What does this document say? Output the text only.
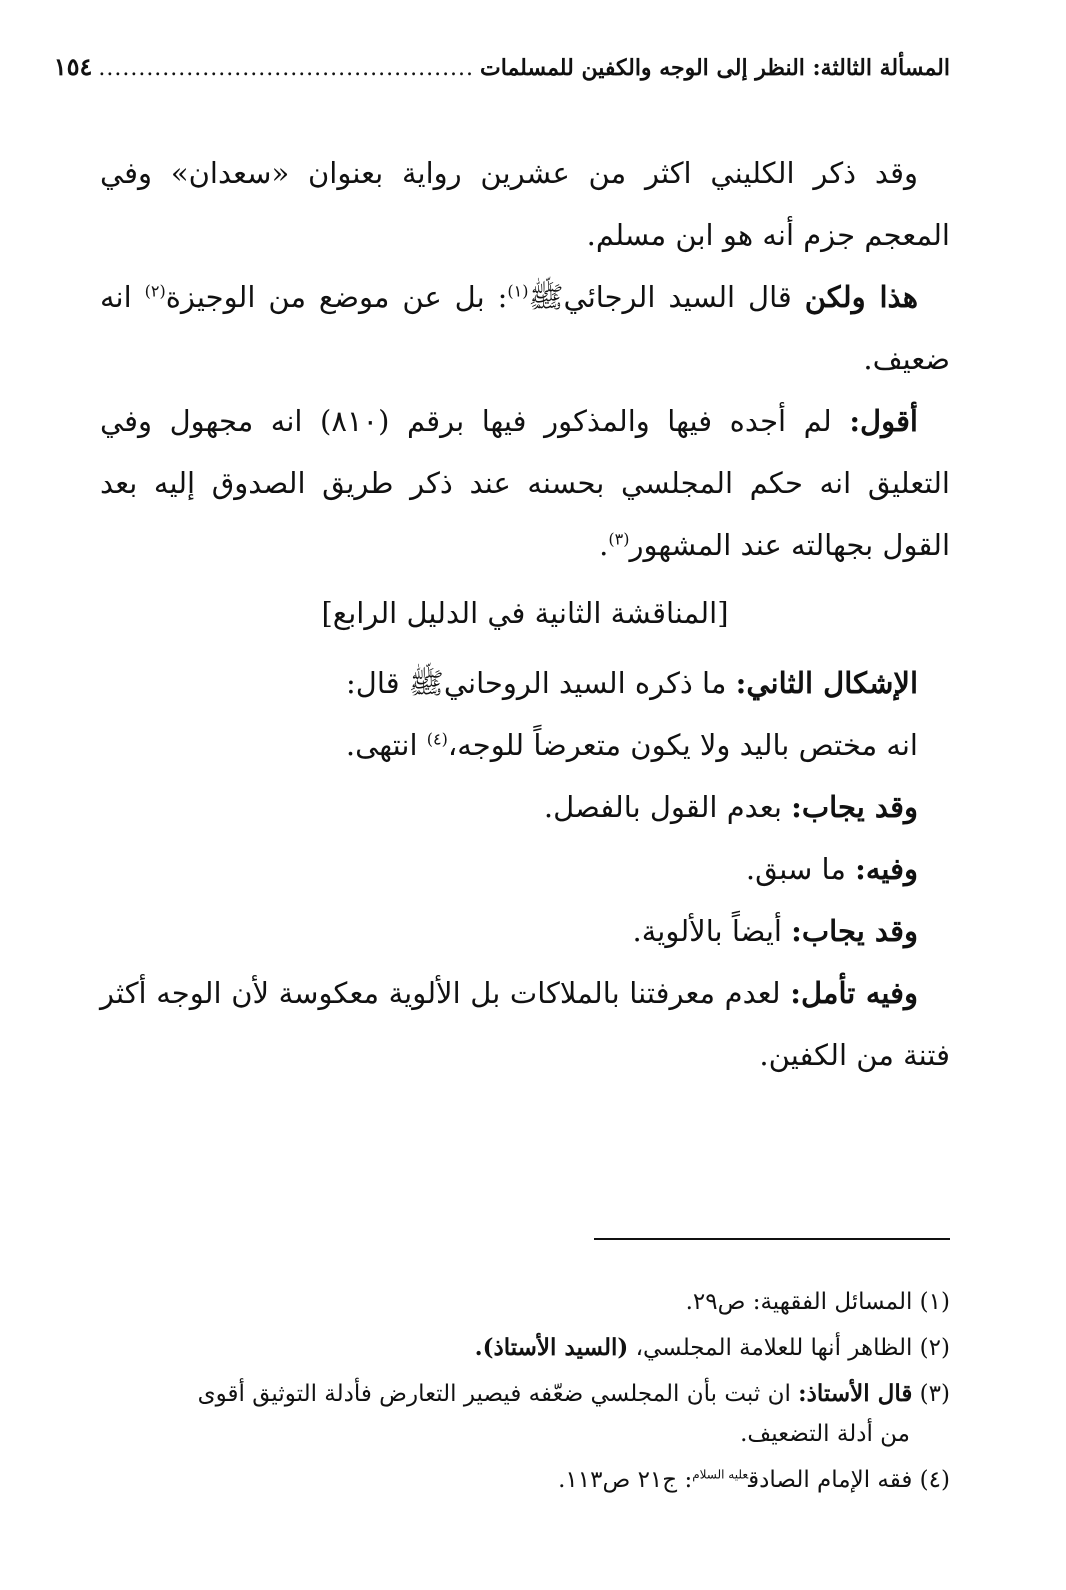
المسألة الثالثة: النظر إلى الوجه والكفين للمسلمات
...............................................
١٥٤

وقد ذكر الكليني اكثر من عشرين رواية بعنوان «سعدان» وفي المعجم جزم أنه هو ابن مسلم.

هذا ولكن قال السيد الرجائيﷺ$^{(١)}$: بل عن موضع من الوجيزة$^{(٢)}$ انه ضعيف.

أقول: لم أجده فيها والمذكور فيها برقم (٨١٠) انه مجهول وفي التعليق انه حكم المجلسي بحسنه عند ذكر طريق الصدوق إليه بعد القول بجهالته عند المشهور$^{(٣)}$.

[المناقشة الثانية في الدليل الرابع]

الإشكال الثاني: ما ذكره السيد الروحانيﷺ قال:

انه مختص باليد ولا يكون متعرضاً للوجه،$^{(٤)}$ انتهى.

وقد يجاب: بعدم القول بالفصل.

وفيه: ما سبق.

وقد يجاب: أيضاً بالألوية.

وفيه تأمل: لعدم معرفتنا بالملاكات بل الألوية معكوسة لأن الوجه أكثر فتنة من الكفين.

(١) المسائل الفقهية: ص٢٩.

(٢) الظاهر أنها للعلامة المجلسي، (السيد الأستاذ).

(٣) قال الأستاذ: ان ثبت بأن المجلسي ضعّفه فيصير التعارض فأدلة التوثيق أقوى

من أدلة التضعيف.

(٤) فقه الإمام الصادق$^{عليه السلام}$: ج٢١ ص١١٣.
